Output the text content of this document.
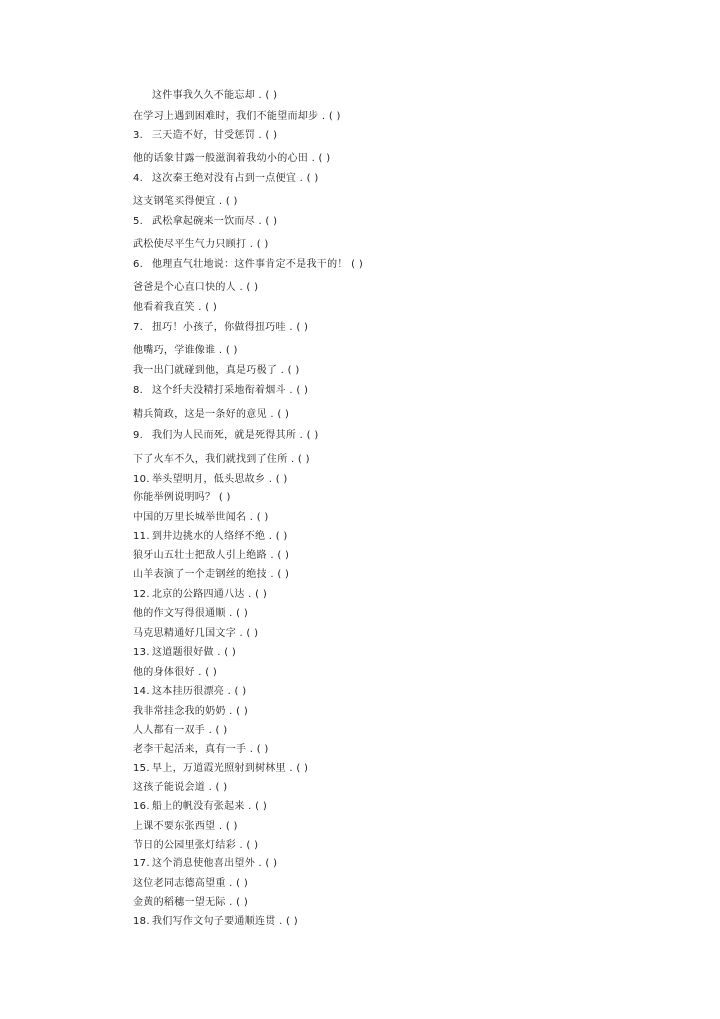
这件事我久久不能忘却 . ( )
在学习上遇到困难时，我们不能望而却步 . ( )
3. 三天造不好，甘受惩罚 . ( )
他的话象甘露一般滋润着我幼小的心田 . ( )
4. 这次秦王绝对没有占到一点便宜 . ( )
这支钢笔买得便宜 . ( )
5. 武松拿起碗来一饮而尽 . ( )
武松使尽平生气力只顾打 . ( )
6. 他理直气壮地说：这件事肯定不是我干的！ ( )
爸爸是个心直口快的人 . ( )
他看着我直笑 . ( )
7. 扭巧！小孩子，你做得扭巧哇 . ( )
他嘴巧，学谁像谁 . ( )
我一出门就碰到他，真是巧极了 . ( )
8. 这个纤夫没精打采地衔着烟斗 . ( )
精兵简政，这是一条好的意见 . ( )
9. 我们为人民而死，就是死得其所 . ( )
下了火车不久，我们就找到了住所 . ( )
10. 举头望明月，低头思故乡 . ( )
你能举例说明吗？ ( )
中国的万里长城举世闻名 . ( )
11. 到井边挑水的人络绎不绝 . ( )
狼牙山五壮士把敌人引上绝路 . ( )
山羊表演了一个走钢丝的绝技 . ( )
12. 北京的公路四通八达 . ( )
他的作文写得很通顺 . ( )
马克思精通好几国文字 . ( )
13. 这道题很好做 . ( )
他的身体很好 . ( )
14. 这本挂历很漂亮 . ( )
我非常挂念我的奶奶 . ( )
人人都有一双手 . ( )
老李干起活来，真有一手 . ( )
15. 早上，万道霞光照射到树林里 . ( )
这孩子能说会道 . ( )
16. 船上的帆没有张起来 . ( )
上课不要东张西望 . ( )
节日的公园里张灯结彩 . ( )
17. 这个消息使他喜出望外 . ( )
这位老同志德高望重 . ( )
金黄的稻穗一望无际 . ( )
18. 我们写作文句子要通顺连贯 . ( )
